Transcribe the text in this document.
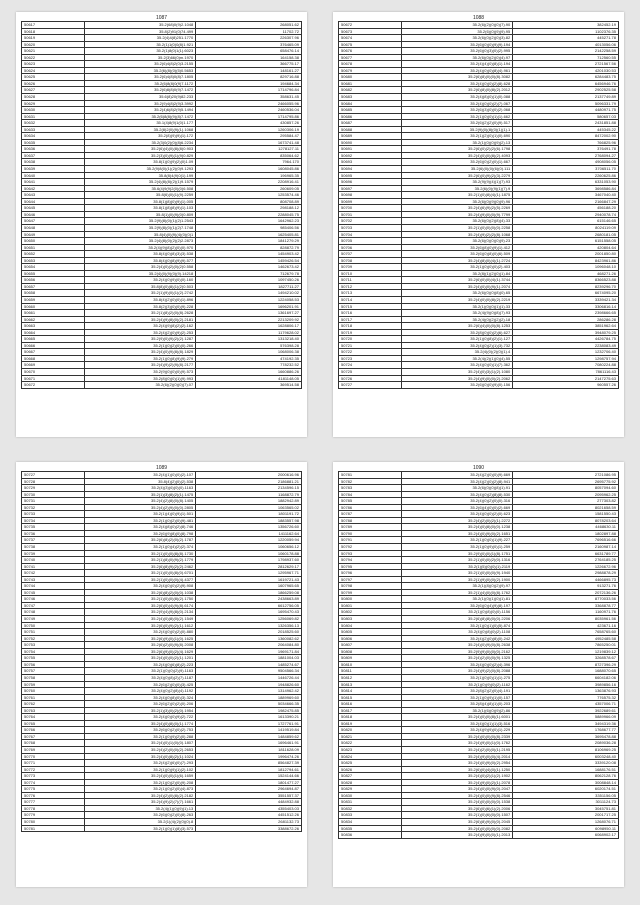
1087
50617	35.2(68)0(9)2.1048	268051.62
50618	35.8(2)91(0)74.499	11702.72
50619	35.2(4)4(8)251.1770	226307.96
50620	35.2(1)1(0)0(8)1.921	376465.09
50621	35.2(1)8(0)1(1).6023	658476.14
50622	35.2(3)66(0)m.1970	164158.38
50623	35.2(6)4(8)2(0)3.2155	366775.17
50624	35.2(6)(8)(0)(5)0.5653	148161.27
50625	35.2(6)4(8)0(8)7.1805	829716.88
50626	35.2(6)8(8)0(9)7.1172	194684.34
50627	35.2(6)8(8)0(9)7.1472	1714796.84
50628	35.6(8)20(9)82.233	358631.45
50629	35.2(9)4(8)2(9)3.3992	2466055.96
50630	35.2(4)6(8)2(9)5.1494	2460536.04
50631	35.2(6)8(8)(9)(8)7.1472	1714795.86
50632	35.1(4)8(9)1(0)1.177	430857.26
50633	35.2(8)2(0)(9)(1).1068	1260306.19
50634	35.2(8)(9)(9)(1).172	295584.47
50635	35.2(3)0(2)(0)(8)6.2234	1673741.48
50636	35.2(6)(4)(0)(8)(8)0.903	1278127.11
50637	35.2(3)(0)(9)(1)(9)0.829	835064.62
50638	35.8(1)(0)(9)(2)(0)1.09	7964.170
50639	35.2(9)8(0)(1)(2)(0)9.1293	1608045.86
50640	35.8(8)4(9)0(1).199	196965.35
50641	35.2(4)(8)(8)(2)(1)9.1579	2208916.41
50642	35.6(4)9(9)2(0)(0)6.508	260609.05
50643	35.8(6)(0)(1)(9).2259	1253574.46
50644	35.8(1)(8)(0)(9)(1).005	808708.89
50645	35.8(1)(8)(8)(9)(1).103	298188.12
50646	35.8(1)(0)(9)(0)0.809	2288045.75
50647	35.2(9)(8)(0)(1)(2)1.2543	1642962.23
50648	35.2(9)(8)(0)(1)(2)7.1748	985406.56
50649	35.8(4)(0)(9)(4)(0)(0)1	1625405.81
50650	35.2(4)(8)(0)(2)(2)2.2873	1841279.29
50651	35.2(4)(9)(8)(2)(0)(0).970	828872.79
50652	35.8(4)(0)(8)(3)(3).538	1454903.42
50653	35.8(4)(0)(8)(9)(9).577	1459426.54
50654	35.2(4)(0)(2)(0)(2)0.558	1462673.42
50655	35.2(4)(0)(9)(0)(9).14218	712679.78
50656	35.2(4)(0)(9)(0)(0).160	1097450.26
50657	35.8(8)(0)(8)(1)(2)0.503	1827711.27
50658	35.2(1)(9)(0)(1)(2).2742	1494210.02
50659	35.8(4)(2)(0)(0)(1).896	1224058.53
50660	35.8(2)(3)(0)(0)(9).228	1696201.91
50661	35.2(1)(8)(2)(0)(8).2628	1361697.27
50662	35.2(4)(9)(8)(0)(2).2181	2213209.92
50663	35.2(4)(9)(8)(2)(2).162	1628806.17
50664	35.2(4)(2)(0)(9)(2).253	1179628.02
50665	35.2(9)(0)(9)(2)(2).1287	1313218.40
50666	35.2(1)(0)(2)(0)(0).266	576398.28
50667	35.2(4)(0)(9)(8)(8).1829	1068006.38
50668	35.2(1)(0)(8)(9)(9).279	474192.35
50669	35.2(4)(9)(2)(9)(8).2177	778232.52
50670	35.2(9)(0)(0)(0)(9).573	1660886.26
50671	35.2(8)(0)(0)(1)(9).993	4181148.05
50672	35.2(6)(2)(0)(0)(7).07	369514.58
1088
50672	35.2(6)(2)(0)(0)(7).90	382452.19
50673	35.2(6)(0)(9)(9).95	1102376.35
50674	35.2(6)(0)(2)(0)(3).82	445271.78
50675	35.2(6)(0)(0)(9)(9).194	4013056.06
50676	35.2(6)(0)(3)(0)(2).995	2142258.59
50677	35.2(6)(0)(2)(0)(4).97	712560.55
50678	35.2(4)(4)(0)(8)(1).194	2721567.56
50679	35.2(4)(0)(0)(8)(4).961	4201030.53
50680	35.2(6)(8)(0)(0)(8).3082	6284483.75
50681	35.2(4)(0)(0)(2)(8).628	6456946.76
50682	35.2(6)(8)(0)(8)(2).2012	2902525.58
50683	35.2(4)(8)(0)(1)(0).088	2137749.89
50684	35.2(4)(0)(0)(2)(7).067	5096331.79
50685	35.2(6)(3)(0)(0)(2).068	4480971.75
50686	35.2(1)(0)(0)(1)(1).662	580657.03
50687	35.2(6)(2)(2)(0)(9).517	2431851.88
50688	35.2(9)(0)(8)(0)(1)(1).1	445345.22
50689	35.2(1)(2)(0)(1)(0).690	8472002.90
50690	35.2(1)(0)(0)(9)(2).13	766825.96
50691	35.2(6)(0)(2)(2)(6).1798	376491.78
50692	35.2(4)(0)(0)(8)(2).4093	2768094.27
50693	35.2(6)(0)(2)(0)(1).667	4908056.05
50694	35.2(6)(0)(0)(6)(0).111	3706511.70
50695	35.2(6)(0)(9)(2)(3).2279	2260625.86
50696	35.2(9)(9)(4)(1)(7).93	6331053.90
50697	35.2(6)(0)(9)(1)(7).9	3698586.84
50698	35.2(1)(0)(8)(4)(1).1875	3467040.40
50699	35.2(6)(0)(9)(0)(9).96	2166847.29
50700	35.2(4)(6)(9)(2)(5).2269	456188.20
50701	35.2(4)(9)(0)(0)(9).7799	2940078.74
50702	35.2(6)(0)(2)(8)(4).33	615146.65
50703	35.2(1)(0)(0)(0)(0).2258	8024119.09
50704	35.2(4)(9)(2)(2)(8).1068	2680181.05
50705	35.2(6)(0)(0)(0)(9).23	6151558.05
50706	35.2(6)(8)(0)(9)(1).412	420804.64
50707	35.2(6)(0)(8)(0)(6).509	2001850.80
50708	35.2(4)(8)(0)(4)(1).2724	8423961.86
50709	35.2(1)(0)(0)(0)(2).403	1096048.10
50710	35.2(8)(1)(2)(0)(1).84	468271.26
50711	35.2(6)(0)(0)(4)(1).3744	8366523.88
50712	35.2(4)(0)(0)(9)(1).2074	8239296.70
50713	35.2(6)(0)(0)(8)(0).65	6674095.20
50714	35.2(4)(0)(0)(8)(2).2219	3339421.34
50715	35.2(1)(0)(0)(1)(1).33	3306816.14
50716	35.2(4)(9)(0)(8)(7).93	2398666.65
50717	35.2(4)(0)(2)(2)(2).18	286286.28
50718	35.2(6)(4)(0)(0)(8).1253	3851962.64
50719	35.2(8)(0)(0)(2)(6).627	3948079.25
50720	35.2(1)(0)(8)(2)(1).127	4426784.75
50721	35.2(4)(0)(2)(1)(3).732	2238083.49
50722	35.2(4)(0)(2)(0)(1).4	1232706.40
50723	35.2(4)(2)(1)(0)(4).55	1298757.94
50724	35.2(4)(0)(0)(1)(7).362	7080224.88
50725	35.2(4)(0)(3)(1)(2).1080	7861116.43
50726	35.2(4)(9)(0)(0)(2).2062	2147275.63
50727	35.2(6)(0)(0)(9)(0).156	960557.26
1089
50727	35.2(4)(1)(0)(0)(2).107	2000616.96
50728	35.8(4)(2)(0)(2).538	2186881.21
50729	35.2(4)(3)(6)(0)(0).1163	2134596.15
50730	35.2(1)(3)(8)(2)(1).1475	1168872.79
50731	35.2(4)(2)(8)(0)(8).1405	1882942.89
50732	35.2(4)(2)(9)(0)(0).2805	1063565.02
50733	35.2(1)(4)(0)(9)(1).501	1801191.72
50734	35.2(1)(0)(2)(0)(9).481	1883557.98
50735	35.2(4)(8)(0)(2)(8).746	1356726.60
50736	35.2(6)(9)(8)(0)(8).798	1411162.64
50737	35.2(6)(8)(2)(0)(2).1787	1220059.94
50738	35.2(1)(0)(4)(2)(2).374	1060656.12
50739	35.2(1)(0)(0)(8)(8).1730	1060178.88
50740	35.2(1)(8)(0)(9)(2).1779	1798937.60
50741	35.2(6)(8)(9)(2)(2).2462	2812629.17
50742	35.2(1)(0)(0)(8)(0).6701	1295967.71
50743	35.2(1)(0)(0)(0)(4).4377	1619721.43
50744	35.2(4)(0)(0)(2)(9).908	1607965.65
50745	35.2(6)(8)(2)(0)(0).1038	1866259.08
50746	35.2(1)(0)(0)(8)(2).1750	2438663.89
50747	35.2(6)(0)(4)(9)(8).6174	6612756.05
50748	35.2(9)(4)(9)(8)(0).2134	1695470.43
50749	35.2(4)(0)(8)(0)(2).1549	1256069.82
50750	35.2(6)(0)(9)(2)(1).1612	1326356.13
50751	35.2(4)(0)(0)(2)(0).880	2018525.60
50752	35.2(6)(9)(0)(1)(0).1625	1360082.62
50753	35.2(6)(2)(0)(9)(8).2008	2064084.80
50754	35.2(6)(9)(0)(2)(4).1629	1969171.84
50755	35.2(4)(0)(0)(2)(1).1201	1881004.03
50756	35.2(4)(0)(6)(8)(2).223	1485274.67
50757	35.2(1)(0)(0)(2)(9).1163	9504566.34
50758	35.2(4)(0)(8)(2)(7).1187	1446726.44
50759	35.2(6)(2)(0)(0)(3).425	1948826.60
50760	35.2(4)(0)(2)(8)(4).1192	1314962.42
50761	35.2(4)(0)(8)(0)(3).324	1889969.60
50762	35.2(6)(2)(0)(2)(0).206	5034666.35
50763	35.2(1)(3)(0)(2)(0).1954	1982475.85
50764	35.2(4)(0)(0)(9)(2).722	1613390.21
50765	35.2(4)(0)(8)(0)(1).1774	1727761.91
50766	35.2(6)(0)(2)(0)(2).753	1419519.84
50767	35.2(1)(0)(9)(2)(0).288	1484859.62
50768	35.2(4)(0)(1)(0)(0).1807	1696461.91
50769	35.2(4)(2)(0)(0)(2).2653	1811628.09
50770	35.2(4)(0)(8)(2)(1).1024	1996474.26
50771	35.2(4)(2)(6)(0)(7).293	8564827.39
50772	35.2(1)(0)(9)(1)(2).102	1812794.61
50773	35.2(4)(0)(0)(1)(6).1659	1524144.66
50774	35.2(1)(0)(2)(0)(9).208	1801477.27
50775	35.2(1)(0)(2)(0)(4).873	2964694.87
50776	35.2(4)(2)(0)(8)(2).2182	3551557.37
50777	35.2(4)(9)(2)(7)(7).1661	4484932.88
50778	35.2(4)(1)(0)(9)(1).13	4355403.03
50779	35.2(6)(0)(2)(0)(8).263	4451512.26
50780	35.2(1)(4)(2)(0)(0).8	2681132.73
50781	35.2(1)(0)(1)(8)(3).573	3388672.26
1090
50781	35.2(4)(2)(0)(0)(9).669	2721086.95
50782	35.2(4)(2)(0)(2)(8).941	2695775.92
50783	35.2(6)(0)(0)(8)(1).91	8057094.60
50784	35.2(4)(0)(2)(8)(8).530	2095962.25
50785	35.2(4)(0)(2)(0)(0).316	277303.82
50786	35.2(6)(4)(0)(0)(2).669	8021658.59
50787	35.2(4)(0)(0)(2)(0).623	1581550.43
50788	35.2(4)(2)(0)(2)(1).2272	8078203.64
50789	35.2(4)(0)(8)(0)(0).1238	4468630.11
50790	35.2(4)(0)(9)(0)(2).1651	1802897.88
50791	35.2(1)(0)(0)(1)(9).227	7696516.66
50792	35.2(1)(0)(9)(0)(1).259	2160987.14
50793	35.2(9)(0)(0)(1)(8).1751	6631789.77
50794	35.2(1)(0)(0)(2)(0).1316	2764185.25
50795	35.2(1)(5)(0)(0)(1).2119	1226672.96
50796	35.2(1)(0)(0)(0)(9).1940	2988878.29
50797	35.2(1)(9)(0)(0)(2).1900	4466895.73
50798	35.2(1)(8)(0)(2)(9).97	913271.76
50799	35.2(1)(4)(0)(0)(8).1762	2072136.26
50800	35.2(1)(0)(1)(0)(1).81	8770033.56
50801	35.2(6)(0)(4)(9)(8).197	3368878.77
50802	35.2(1)(0)(8)(0)(0).1156	1160971.76
50803	35.2(6)(8)(8)(0)(0).2206	8035961.56
50804	35.2(1)(0)(1)(0)(5).874	423671.16
50805	35.2(4)(0)(8)(0)(2).1108	7658765.60
50806	35.2(4)(2)(0)(8)(0).242	4952485.58
50807	35.2(4)(0)(9)(0)(8).2638	7865250.01
50808	35.2(9)(9)(0)(0)(0).2162	1219839.12
50809	35.2(4)(2)(0)(0)(9).1325	3268578.67
50810	35.2(4)(0)(0)(2)(4).396	8727396.29
50811	35.2(4)(9)(2)(0)(8).2088	1688070.65
50812	35.2(1)(0)(0)(1)(1).275	6604182.06
50813	35.2(1)(0)(9)(0)(2).1162	3989856.16
50814	35.2(8)(2)(2)(0)(4).191	1363876.93
50815	35.2(1)(0)(9)(1)(0).157	776575.32
50816	35.2(8)(4)(8)(1)(0).203	4357006.71
50817	35.2(1)(6)(0)(9)(2).86	3922689.61
50818	35.2(4)(0)(0)(8)(1).6001	5889966.09
50819	35.2(4)(0)(1)(1)(3).516	3494319.36
50820	35.2(4)(9)(9)(0)(1).229	1768677.77
50821	35.2(4)(0)(0)(0)(8).2339	3695478.88
50822	35.2(4)(9)(0)(1)(0).1762	2089036.28
50823	35.2(4)(2)(0)(0)(1).2195	8106969.25
50824	35.2(4)(9)(0)(0)(4).2014	6003248.40
50825	35.2(4)(0)(9)(0)(2).2954	3339120.08
50826	35.2(6)(0)(4)(0)(1).1250	1688176.51
50827	35.2(4)(0)(2)(1)(2).1902	8062128.76
50828	35.2(4)(9)(0)(2)(1).2078	3008848.14
50829	35.2(4)(0)(0)(9)(0).2047	6020174.51
50830	35.2(4)(0)(0)(9)(8).2546	3351156.05
50831	35.2(4)(0)(0)(0)(0).1538	3011124.73
50832	35.2(6)(0)(6)(1)(2).2006	3045751.81
50833	35.2(1)(0)(6)(0)(0).1507	2001717.25
50834	35.2(6)(8)(9)(0)(0).2045	1268076.71
50835	35.2(4)(0)(0)(0)(0).2082	6098950.11
50836	35.2(4)(9)(0)(0)(1).2013	6068902.17
